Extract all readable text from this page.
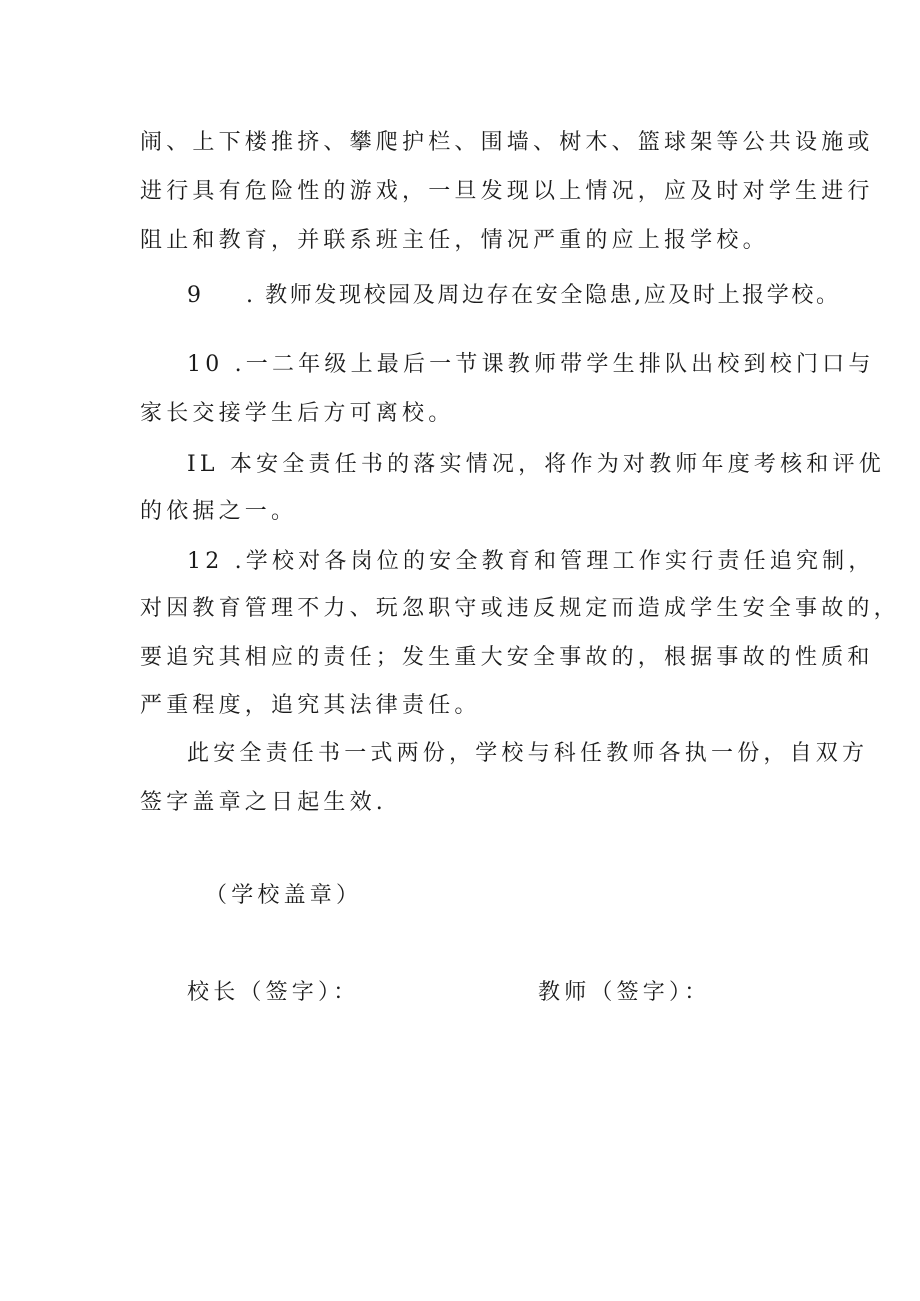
闹、上下楼推挤、攀爬护栏、围墙、树木、篮球架等公共设施或
进行具有危险性的游戏，一旦发现以上情况，应及时对学生进行
阻止和教育，并联系班主任，情况严重的应上报学校。
9 . 教师发现校园及周边存在安全隐患,应及时上报学校。
10 .一二年级上最后一节课教师带学生排队出校到校门口与
家长交接学生后方可离校。
IL 本安全责任书的落实情况，将作为对教师年度考核和评优
的依据之一。
12 .学校对各岗位的安全教育和管理工作实行责任追究制，
对因教育管理不力、玩忽职守或违反规定而造成学生安全事故的，
要追究其相应的责任；发生重大安全事故的，根据事故的性质和
严重程度，追究其法律责任。
此安全责任书一式两份，学校与科任教师各执一份，自双方
签字盖章之日起生效.
（学校盖章）
校长（签字）：	教师（签字）：
